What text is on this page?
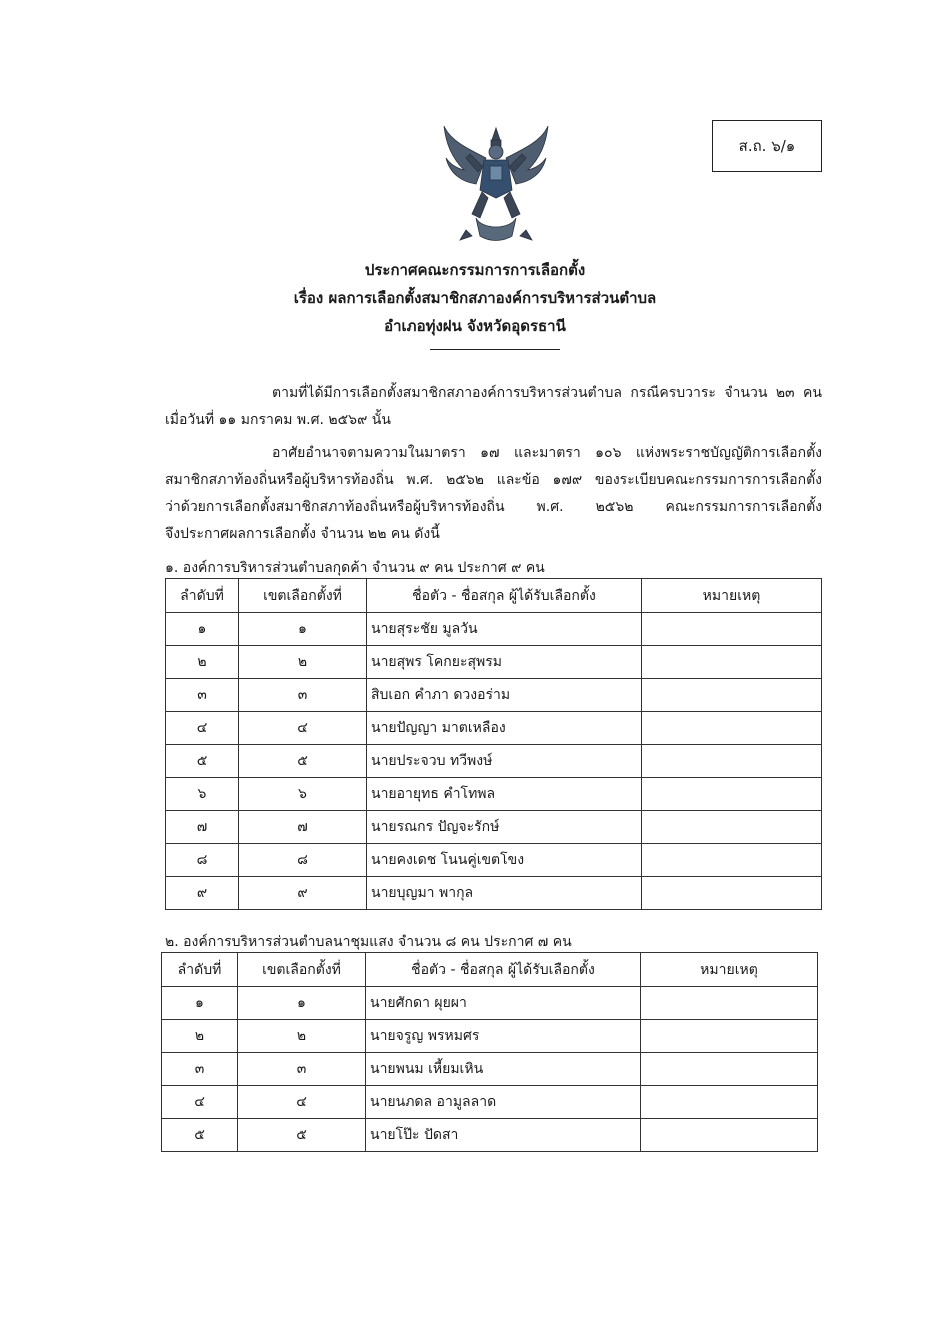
ส.ถ. ๖/๑
ประกาศคณะกรรมการการเลือกตั้ง
เรื่อง ผลการเลือกตั้งสมาชิกสภาองค์การบริหารส่วนตำบล
อำเภอทุ่งฝน จังหวัดอุดรธานี
ตามที่ได้มีการเลือกตั้งสมาชิกสภาองค์การบริหารส่วนตำบล กรณีครบวาระ จำนวน ๒๓ คน
เมื่อวันที่ ๑๑ มกราคม พ.ศ. ๒๕๖๙ นั้น
อาศัยอำนาจตามความในมาตรา ๑๗ และมาตรา ๑๐๖ แห่งพระราชบัญญัติการเลือกตั้ง
สมาชิกสภาท้องถิ่นหรือผู้บริหารท้องถิ่น พ.ศ. ๒๕๖๒ และข้อ ๑๗๙ ของระเบียบคณะกรรมการการเลือกตั้ง
ว่าด้วยการเลือกตั้งสมาชิกสภาท้องถิ่นหรือผู้บริหารท้องถิ่น พ.ศ. ๒๕๖๒ คณะกรรมการการเลือกตั้ง
จึงประกาศผลการเลือกตั้ง จำนวน ๒๒ คน ดังนี้
๑. องค์การบริหารส่วนตำบลกุดค้า จำนวน ๙ คน ประกาศ ๙ คน
ลำดับที่	เขตเลือกตั้งที่	ชื่อตัว - ชื่อสกุล ผู้ได้รับเลือกตั้ง	หมายเหตุ
๑	๑	นายสุระชัย มูลวัน	
๒	๒	นายสุพร โคกยะสุพรม	
๓	๓	สิบเอก คำภา ดวงอร่าม	
๔	๔	นายปัญญา มาตเหลือง	
๕	๕	นายประจวบ ทวีพงษ์	
๖	๖	นายอายุทธ คำโทพล	
๗	๗	นายรณกร ปัญจะรักษ์	
๘	๘	นายคงเดช โนนคู่เขตโขง	
๙	๙	นายบุญมา พากุล	
๒. องค์การบริหารส่วนตำบลนาชุมแสง จำนวน ๘ คน ประกาศ ๗ คน
ลำดับที่	เขตเลือกตั้งที่	ชื่อตัว - ชื่อสกุล ผู้ได้รับเลือกตั้ง	หมายเหตุ
๑	๑	นายศักดา ผุยผา	
๒	๒	นายจรูญ พรหมศร	
๓	๓	นายพนม เหี้ยมเหิน	
๔	๔	นายนภดล อามูลลาด	
๕	๕	นายโป๊ะ ปัดสา	
